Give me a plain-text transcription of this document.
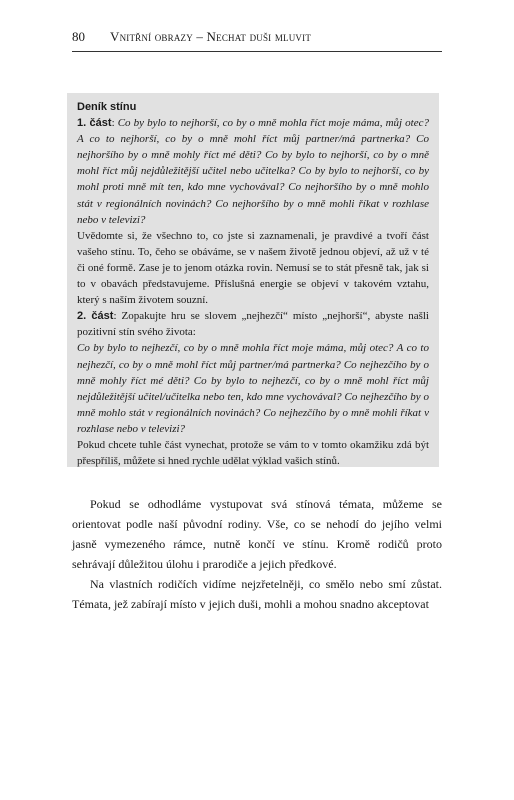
80 Vnitřní obrazy – Nechat duši mluvit

Deník stínu

1. část: Co by bylo to nejhorší, co by o mně mohla říct moje máma, můj otec? A co to nejhorší, co by o mně mohl říct můj partner/má partnerka? Co nejhoršího by o mně mohly říct mé děti? Co by bylo to nejhorší, co by o mně mohl říct můj nejdůležitější učitel nebo učitelka? Co by bylo to nejhorší, co by mohl proti mně mít ten, kdo mne vychovával? Co nejhoršího by o mně mohlo stát v regionálních novinách? Co nejhoršího by o mně mohli říkat v rozhlase nebo v televizi?

Uvědomte si, že všechno to, co jste si zaznamenali, je pravdivé a tvoří část vašeho stínu. To, čeho se obáváme, se v našem životě jednou objeví, až už v té či oné formě. Zase je to jenom otázka rovin. Nemusí se to stát přesně tak, jak si to v obavách představujeme. Příslušná energie se objeví v takovém vztahu, který s naším životem souzní.

2. část: Zopakujte hru se slovem „nejhezčí“ místo „nejhorší“, abyste našli pozitivní stín svého života:

Co by bylo to nejhezčí, co by o mně mohla říct moje máma, můj otec? A co to nejhezčí, co by o mně mohl říct můj partner/má partnerka? Co nejhezčího by o mně mohly říct mé děti? Co by bylo to nejhezčí, co by o mně mohl říct můj nejdůležitější učitel/učitelka nebo ten, kdo mne vychovával? Co nejhezčího by o mně mohlo stát v regionálních novinách? Co nejhezčího by o mně mohli říkat v rozhlase nebo v televizi?

Pokud chcete tuhle část vynechat, protože se vám to v tomto okamžiku zdá být přespříliš, můžete si hned rychle udělat výklad vašich stínů.

Pokud se odhodláme vystupovat svá stínová témata, můžeme se orientovat podle naší původní rodiny. Vše, co se nehodí do jejího velmi jasně vymezeného rámce, nutně končí ve stínu. Kromě rodičů proto sehrávají důležitou úlohu i prarodiče a jejich předkové.

Na vlastních rodičích vidíme nejzřetelněji, co smělo nebo smí zůstat. Témata, jež zabírají místo v jejich duši, mohli a mohou snadno akceptovat
